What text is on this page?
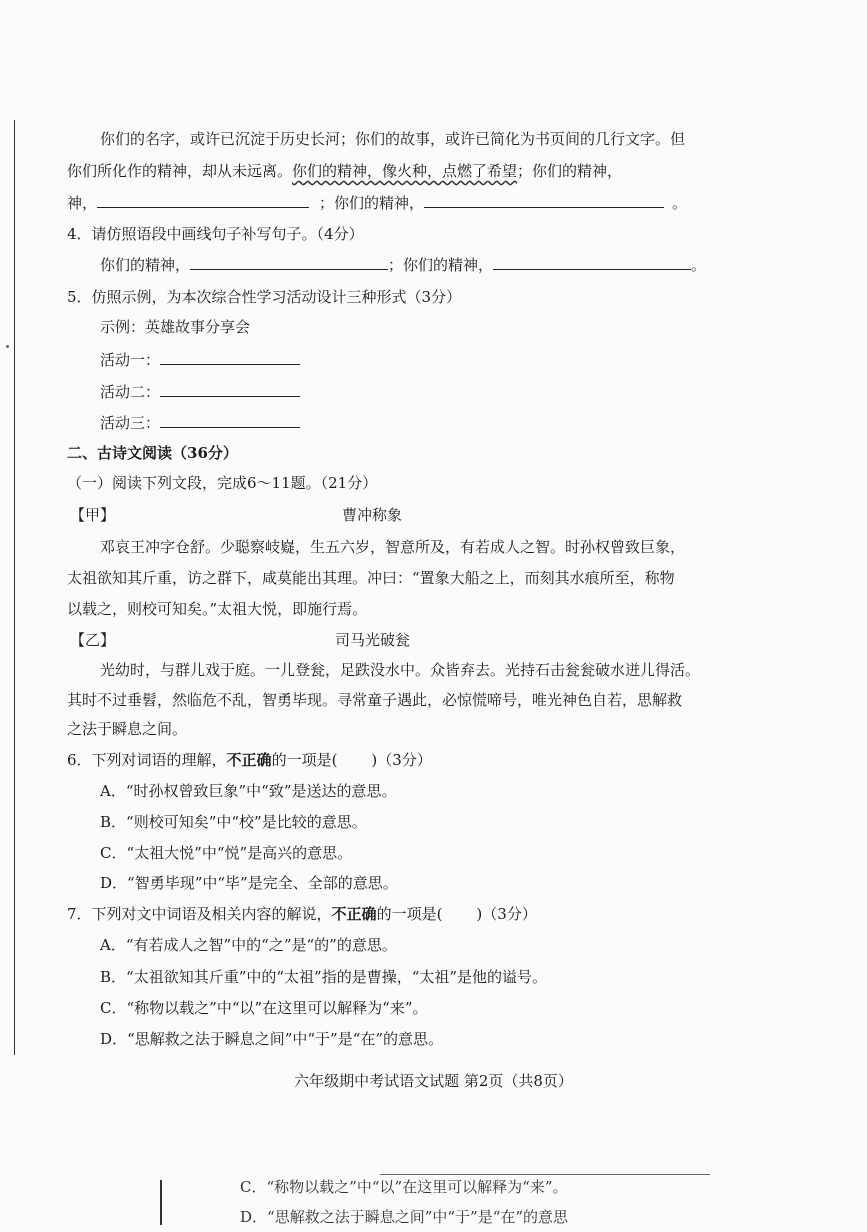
你们的名字，或许已沉淀于历史长河；你们的故事，或许已简化为书页间的几行文字。但
你们所化作的精神，却从未远离。你们的精神，像火种，点燃了希望；你们的精神，
神，	；你们的精神，	。
4．请仿照语段中画线句子补写句子。（4分）
你们的精神，	；你们的精神，	。
5．仿照示例，为本次综合性学习活动设计三种形式（3分）
示例：英雄故事分享会
活动一：
活动二：
活动三：
二、古诗文阅读（36分）
（一）阅读下列文段，完成6～11题。（21分）
【甲】	曹冲称象
邓哀王冲字仓舒。少聪察岐嶷，生五六岁，智意所及，有若成人之智。时孙权曾致巨象，
太祖欲知其斤重，访之群下，咸莫能出其理。冲曰：“置象大船之上，而刻其水痕所至，称物
以载之，则校可知矣。”太祖大悦，即施行焉。
【乙】	司马光破瓮
光幼时，与群儿戏于庭。一儿登瓮，足跌没水中。众皆弃去。光持石击瓮瓮破水迸儿得活。
其时不过垂髫，然临危不乱，智勇毕现。寻常童子遇此，必惊慌啼号，唯光神色自若，思解救
之法于瞬息之间。
6．下列对词语的理解，不正确的一项是( )（3分）
A．“时孙权曾致巨象”中“致”是送达的意思。
B．“则校可知矣”中“校”是比较的意思。
C．“太祖大悦”中“悦”是高兴的意思。
D．“智勇毕现”中“毕”是完全、全部的意思。
7．下列对文中词语及相关内容的解说，不正确的一项是( )（3分）
A．“有若成人之智”中的“之”是“的”的意思。
B．“太祖欲知其斤重”中的“太祖”指的是曹操，“太祖”是他的谥号。
C．“称物以载之”中“以”在这里可以解释为“来”。
D．“思解救之法于瞬息之间”中“于”是“在”的意思。
六年级期中考试语文试题 第2页（共8页）
C．“称物以载之”中“以”在这里可以解释为“来”。
D．“思解救之法于瞬息之间”中“于”是“在”的意思
